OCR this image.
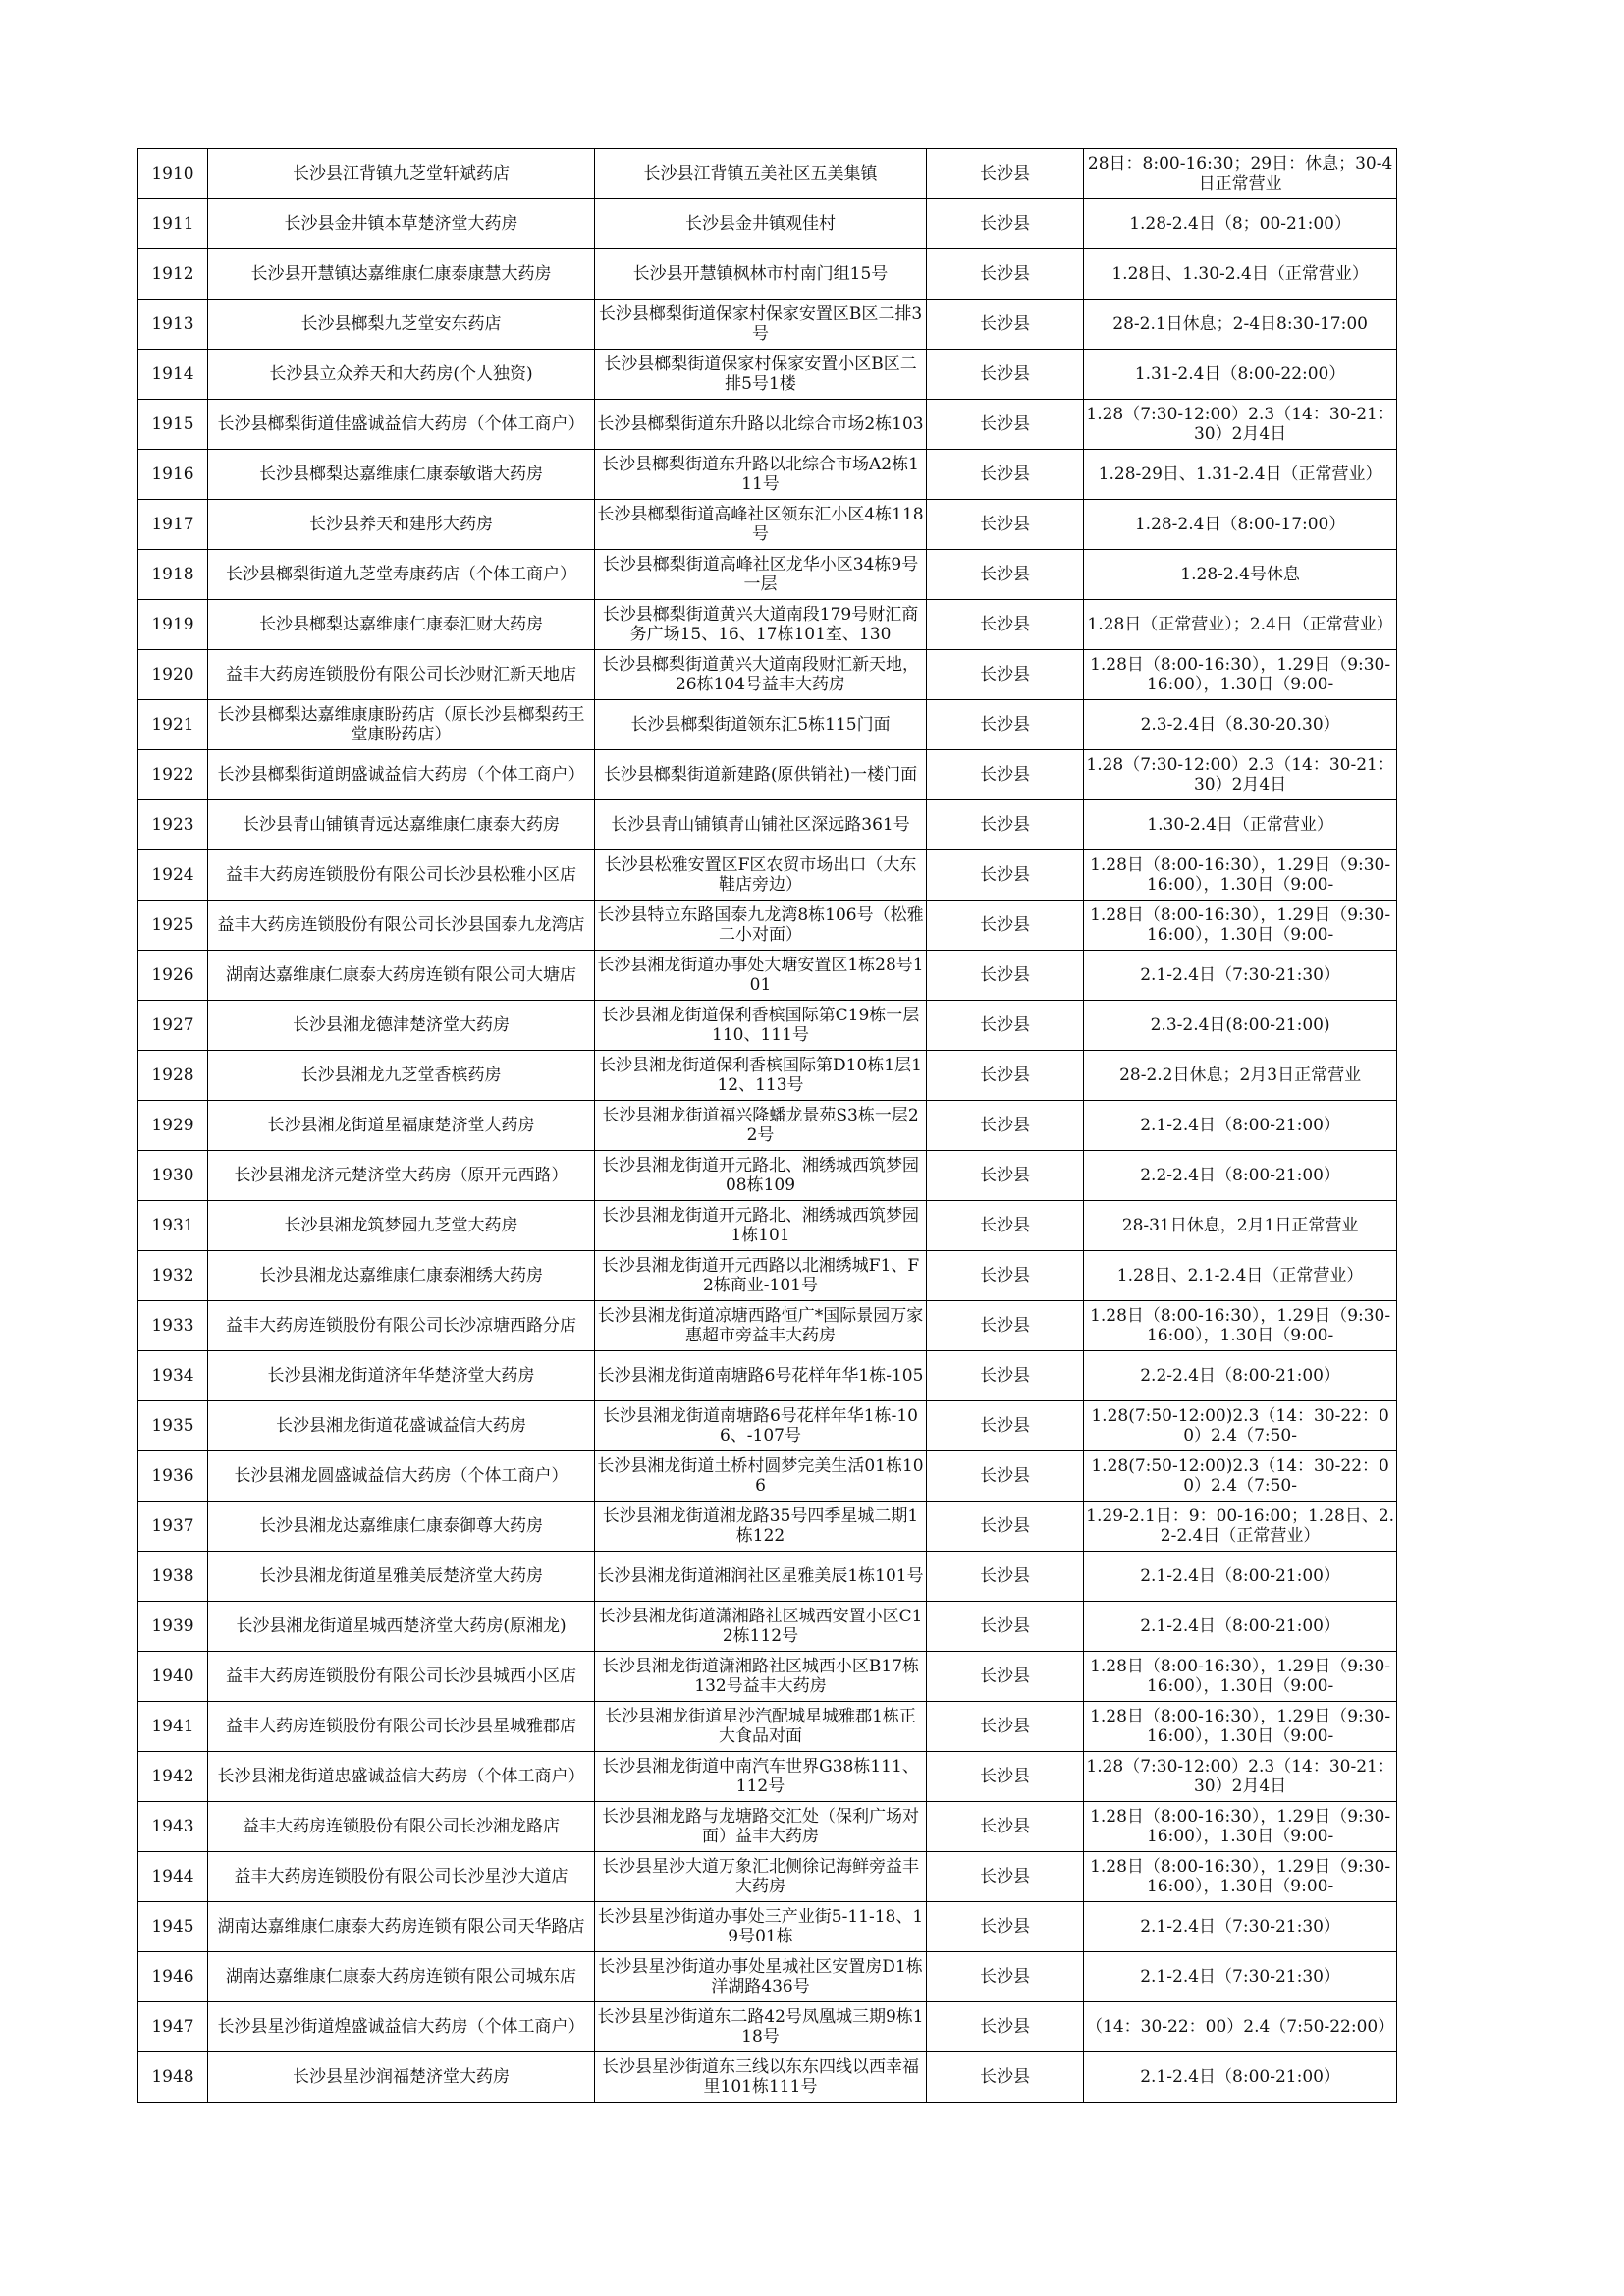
1910	长沙县江背镇九芝堂轩斌药店	长沙县江背镇五美社区五美集镇	长沙县	28日：8:00-16:30；29日：休息；30-4日正常营业

1911	长沙县金井镇本草楚济堂大药房	长沙县金井镇观佳村	长沙县	1.28-2.4日（8；00-21:00）

1912	长沙县开慧镇达嘉维康仁康泰康慧大药房	长沙县开慧镇枫林市村南门组15号	长沙县	1.28日、1.30-2.4日（正常营业）

1913	长沙县榔梨九芝堂安东药店	长沙县榔梨街道保家村保家安置区B区二排3号	长沙县	28-2.1日休息；2-4日8:30-17:00

1914	长沙县立众养天和大药房(个人独资)	长沙县榔梨街道保家村保家安置小区B区二排5号1楼	长沙县	1.31-2.4日（8:00-22:00）

1915	长沙县榔梨街道佳盛诚益信大药房（个体工商户）	长沙县榔梨街道东升路以北综合市场2栋103	长沙县	1.28（7:30-12:00）2.3（14：30-21：30）2月4日

1916	长沙县榔梨达嘉维康仁康泰敏谐大药房	长沙县榔梨街道东升路以北综合市场A2栋111号	长沙县	1.28-29日、1.31-2.4日（正常营业）

1917	长沙县养天和建彤大药房	长沙县榔梨街道高峰社区领东汇小区4栋118号	长沙县	1.28-2.4日（8:00-17:00）

1918	长沙县榔梨街道九芝堂寿康药店（个体工商户）	长沙县榔梨街道高峰社区龙华小区34栋9号一层	长沙县	1.28-2.4号休息

1919	长沙县榔梨达嘉维康仁康泰汇财大药房	长沙县榔梨街道黄兴大道南段179号财汇商务广场15、16、17栋101室、130	长沙县	1.28日（正常营业）；2.4日（正常营业）

1920	益丰大药房连锁股份有限公司长沙财汇新天地店	长沙县榔梨街道黄兴大道南段财汇新天地，26栋104号益丰大药房	长沙县	1.28日（8:00-16:30），1.29日（9:30-16:00），1.30日（9:00-

1921	长沙县榔梨达嘉维康康盼药店（原长沙县榔梨药王堂康盼药店）	长沙县榔梨街道领东汇5栋115门面	长沙县	2.3-2.4日（8.30-20.30）

1922	长沙县榔梨街道朗盛诚益信大药房（个体工商户）	长沙县榔梨街道新建路(原供销社)一楼门面	长沙县	1.28（7:30-12:00）2.3（14：30-21：30）2月4日

1923	长沙县青山铺镇青远达嘉维康仁康泰大药房	长沙县青山铺镇青山铺社区深远路361号	长沙县	1.30-2.4日（正常营业）

1924	益丰大药房连锁股份有限公司长沙县松雅小区店	长沙县松雅安置区F区农贸市场出口（大东鞋店旁边）	长沙县	1.28日（8:00-16:30），1.29日（9:30-16:00），1.30日（9:00-

1925	益丰大药房连锁股份有限公司长沙县国泰九龙湾店	长沙县特立东路国泰九龙湾8栋106号（松雅二小对面）	长沙县	1.28日（8:00-16:30），1.29日（9:30-16:00），1.30日（9:00-

1926	湖南达嘉维康仁康泰大药房连锁有限公司大塘店	长沙县湘龙街道办事处大塘安置区1栋28号101	长沙县	2.1-2.4日（7:30-21:30）

1927	长沙县湘龙德津楚济堂大药房	长沙县湘龙街道保利香槟国际第C19栋一层110、111号	长沙县	2.3-2.4日(8:00-21:00)

1928	长沙县湘龙九芝堂香槟药房	长沙县湘龙街道保利香槟国际第D10栋1层112、113号	长沙县	28-2.2日休息；2月3日正常营业

1929	长沙县湘龙街道星福康楚济堂大药房	长沙县湘龙街道福兴隆蟠龙景苑S3栋一层22号	长沙县	2.1-2.4日（8:00-21:00）

1930	长沙县湘龙济元楚济堂大药房（原开元西路）	长沙县湘龙街道开元路北、湘绣城西筑梦园08栋109	长沙县	2.2-2.4日（8:00-21:00）

1931	长沙县湘龙筑梦园九芝堂大药房	长沙县湘龙街道开元路北、湘绣城西筑梦园1栋101	长沙县	28-31日休息，2月1日正常营业

1932	长沙县湘龙达嘉维康仁康泰湘绣大药房	长沙县湘龙街道开元西路以北湘绣城F1、F2栋商业-101号	长沙县	1.28日、2.1-2.4日（正常营业）

1933	益丰大药房连锁股份有限公司长沙凉塘西路分店	长沙县湘龙街道凉塘西路恒广*国际景园万家惠超市旁益丰大药房	长沙县	1.28日（8:00-16:30），1.29日（9:30-16:00），1.30日（9:00-

1934	长沙县湘龙街道济年华楚济堂大药房	长沙县湘龙街道南塘路6号花样年华1栋-105	长沙县	2.2-2.4日（8:00-21:00）

1935	长沙县湘龙街道花盛诚益信大药房	长沙县湘龙街道南塘路6号花样年华1栋-106、-107号	长沙县	1.28(7:50-12:00)2.3（14：30-22：00）2.4（7:50-

1936	长沙县湘龙圆盛诚益信大药房（个体工商户）	长沙县湘龙街道土桥村圆梦完美生活01栋106	长沙县	1.28(7:50-12:00)2.3（14：30-22：00）2.4（7:50-

1937	长沙县湘龙达嘉维康仁康泰御尊大药房	长沙县湘龙街道湘龙路35号四季星城二期1栋122	长沙县	1.29-2.1日：9：00-16:00；1.28日、2.2-2.4日（正常营业）

1938	长沙县湘龙街道星雅美辰楚济堂大药房	长沙县湘龙街道湘润社区星雅美辰1栋101号	长沙县	2.1-2.4日（8:00-21:00）

1939	长沙县湘龙街道星城西楚济堂大药房(原湘龙)	长沙县湘龙街道潇湘路社区城西安置小区C12栋112号	长沙县	2.1-2.4日（8:00-21:00）

1940	益丰大药房连锁股份有限公司长沙县城西小区店	长沙县湘龙街道潇湘路社区城西小区B17栋132号益丰大药房	长沙县	1.28日（8:00-16:30），1.29日（9:30-16:00），1.30日（9:00-

1941	益丰大药房连锁股份有限公司长沙县星城雅郡店	长沙县湘龙街道星沙汽配城星城雅郡1栋正大食品对面	长沙县	1.28日（8:00-16:30），1.29日（9:30-16:00），1.30日（9:00-

1942	长沙县湘龙街道忠盛诚益信大药房（个体工商户）	长沙县湘龙街道中南汽车世界G38栋111、112号	长沙县	1.28（7:30-12:00）2.3（14：30-21：30）2月4日

1943	益丰大药房连锁股份有限公司长沙湘龙路店	长沙县湘龙路与龙塘路交汇处（保利广场对面）益丰大药房	长沙县	1.28日（8:00-16:30），1.29日（9:30-16:00），1.30日（9:00-

1944	益丰大药房连锁股份有限公司长沙星沙大道店	长沙县星沙大道万象汇北侧徐记海鲜旁益丰大药房	长沙县	1.28日（8:00-16:30），1.29日（9:30-16:00），1.30日（9:00-

1945	湖南达嘉维康仁康泰大药房连锁有限公司天华路店	长沙县星沙街道办事处三产业街5-11-18、19号01栋	长沙县	2.1-2.4日（7:30-21:30）

1946	湖南达嘉维康仁康泰大药房连锁有限公司城东店	长沙县星沙街道办事处星城社区安置房D1栋洋湖路436号	长沙县	2.1-2.4日（7:30-21:30）

1947	长沙县星沙街道煌盛诚益信大药房（个体工商户）	长沙县星沙街道东二路42号凤凰城三期9栋118号	长沙县	（14：30-22：00）2.4（7:50-22:00）

1948	长沙县星沙润福楚济堂大药房	长沙县星沙街道东三线以东东四线以西幸福里101栋111号	长沙县	2.1-2.4日（8:00-21:00）
